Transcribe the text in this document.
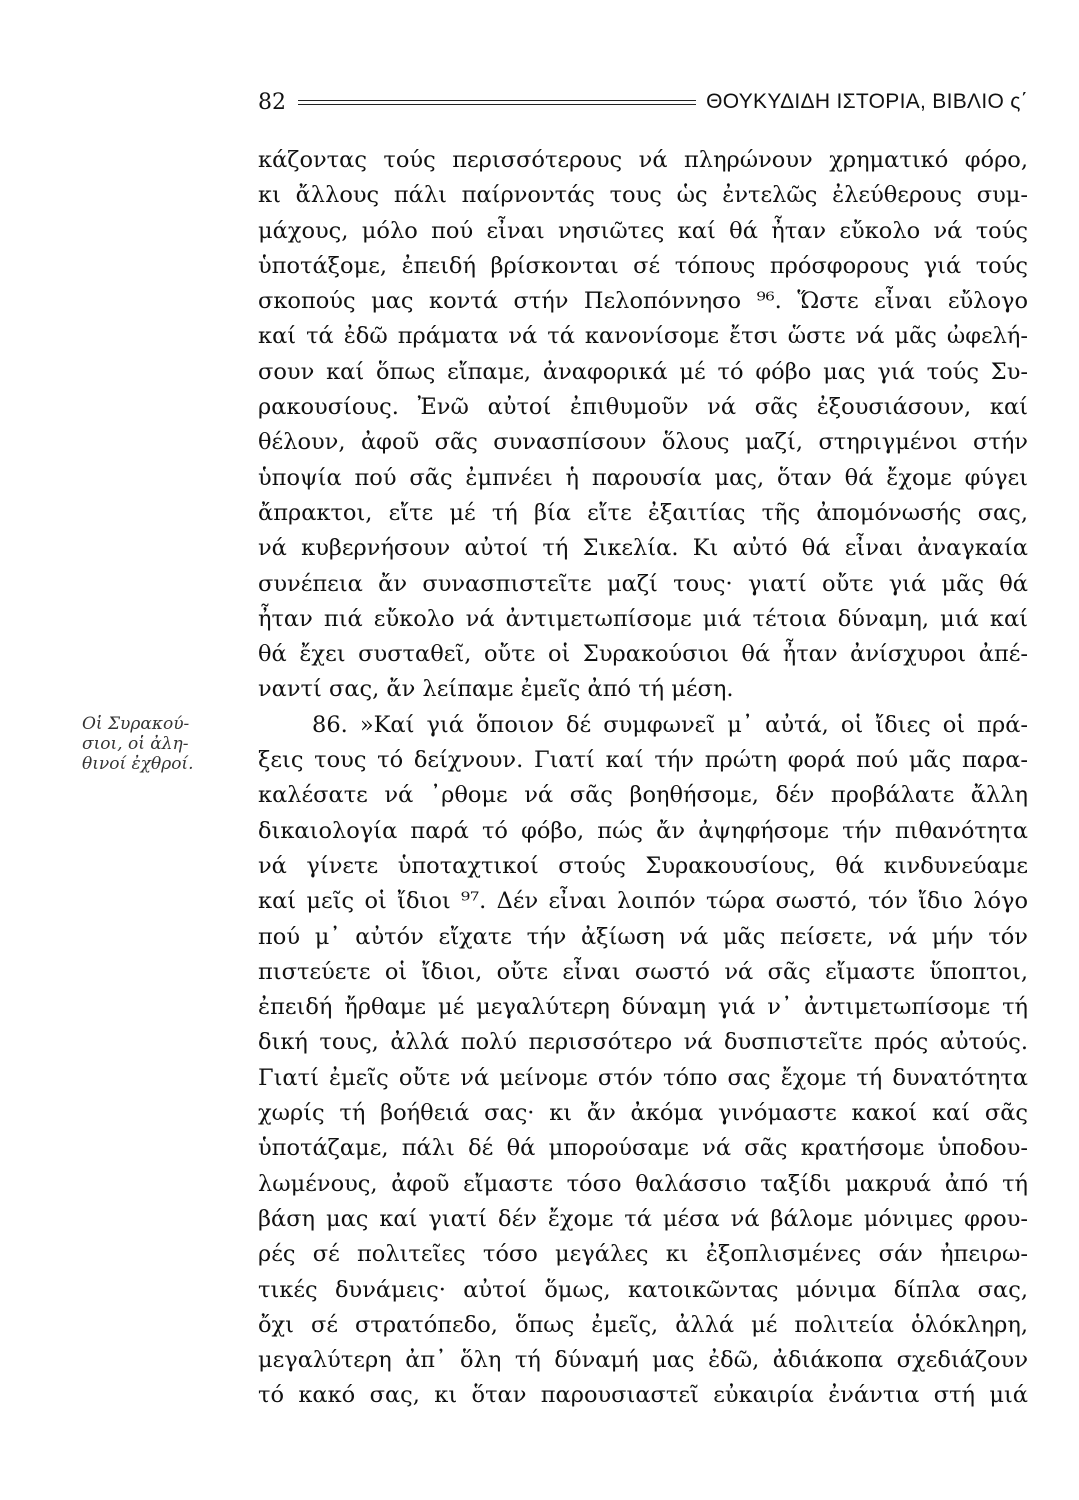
82	ΘΟΥΚΥΔΙΔΗ ΙΣΤΟΡΙΑ, ΒΙΒΛΙΟ ς΄
Οἱ Συρακού-
σιοι, οἱ ἀλη-
θινοί ἐχθροί.
κάζοντας τούς περισσότερους νά πληρώνουν χρηματικό φόρο,
κι ἄλλους πάλι παίρνοντάς τους ὡς ἐντελῶς ἐλεύθερους συμ-
μάχους, μόλο πού εἶναι νησιῶτες καί θά ἦταν εὔκολο νά τούς
ὑποτάξομε, ἐπειδή βρίσκονται σέ τόπους πρόσφορους γιά τούς
σκοπούς μας κοντά στήν Πελοπόννησο ⁹⁶. Ὥστε εἶναι εὔλογο
καί τά ἐδῶ πράματα νά τά κανονίσομε ἔτσι ὥστε νά μᾶς ὠφελή-
σουν καί ὅπως εἴπαμε, ἀναφορικά μέ τό φόβο μας γιά τούς Συ-
ρακουσίους. Ἐνῶ αὐτοί ἐπιθυμοῦν νά σᾶς ἐξουσιάσουν, καί
θέλουν, ἀφοῦ σᾶς συνασπίσουν ὅλους μαζί, στηριγμένοι στήν
ὑποψία πού σᾶς ἐμπνέει ἡ παρουσία μας, ὅταν θά ἔχομε φύγει
ἄπρακτοι, εἴτε μέ τή βία εἴτε ἐξαιτίας τῆς ἀπομόνωσής σας,
νά κυβερνήσουν αὐτοί τή Σικελία. Κι αὐτό θά εἶναι ἀναγκαία
συνέπεια ἄν συνασπιστεῖτε μαζί τους· γιατί οὔτε γιά μᾶς θά
ἦταν πιά εὔκολο νά ἀντιμετωπίσομε μιά τέτοια δύναμη, μιά καί
θά ἔχει συσταθεῖ, οὔτε οἱ Συρακούσιοι θά ἦταν ἀνίσχυροι ἀπέ-
ναντί σας, ἄν λείπαμε ἐμεῖς ἀπό τή μέση.
86. »Καί γιά ὅποιον δέ συμφωνεῖ μ᾽ αὐτά, οἱ ἴδιες οἱ πρά-
ξεις τους τό δείχνουν. Γιατί καί τήν πρώτη φορά πού μᾶς παρα-
καλέσατε νά ᾽ρθομε νά σᾶς βοηθήσομε, δέν προβάλατε ἄλλη
δικαιολογία παρά τό φόβο, πώς ἄν ἀψηφήσομε τήν πιθανότητα
νά γίνετε ὑποταχτικοί στούς Συρακουσίους, θά κινδυνεύαμε
καί μεῖς οἱ ἴδιοι ⁹⁷. Δέν εἶναι λοιπόν τώρα σωστό, τόν ἴδιο λόγο
πού μ᾽ αὐτόν εἴχατε τήν ἀξίωση νά μᾶς πείσετε, νά μήν τόν
πιστεύετε οἱ ἴδιοι, οὔτε εἶναι σωστό νά σᾶς εἴμαστε ὕποπτοι,
ἐπειδή ἤρθαμε μέ μεγαλύτερη δύναμη γιά ν᾽ ἀντιμετωπίσομε τή
δική τους, ἀλλά πολύ περισσότερο νά δυσπιστεῖτε πρός αὐτούς.
Γιατί ἐμεῖς οὔτε νά μείνομε στόν τόπο σας ἔχομε τή δυνατότητα
χωρίς τή βοήθειά σας· κι ἄν ἀκόμα γινόμαστε κακοί καί σᾶς
ὑποτάζαμε, πάλι δέ θά μπορούσαμε νά σᾶς κρατήσομε ὑποδου-
λωμένους, ἀφοῦ εἴμαστε τόσο θαλάσσιο ταξίδι μακρυά ἀπό τή
βάση μας καί γιατί δέν ἔχομε τά μέσα νά βάλομε μόνιμες φρου-
ρές σέ πολιτεῖες τόσο μεγάλες κι ἐξοπλισμένες σάν ἠπειρω-
τικές δυνάμεις· αὐτοί ὅμως, κατοικῶντας μόνιμα δίπλα σας,
ὄχι σέ στρατόπεδο, ὅπως ἐμεῖς, ἀλλά μέ πολιτεία ὁλόκληρη,
μεγαλύτερη ἀπ᾽ ὅλη τή δύναμή μας ἐδῶ, ἀδιάκοπα σχεδιάζουν
τό κακό σας, κι ὅταν παρουσιαστεῖ εὐκαιρία ἐνάντια στή μιά
